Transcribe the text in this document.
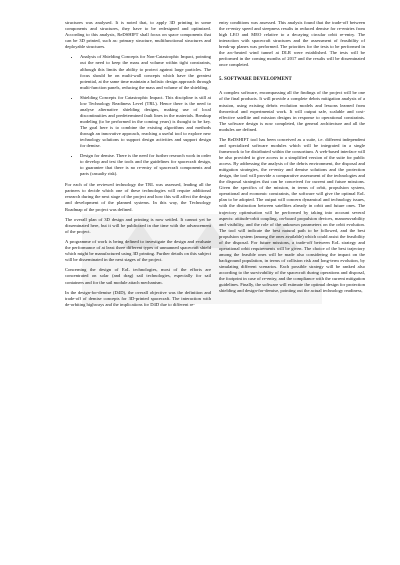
structures was analysed. It is noted that, to apply 3D printing in some components and structures, they have to be redesigned and optimized. According to this analysis, ReDSHIFT shall focus on space components that can be 3D printed, such as: primary structure, multifunctional structures and deployable structures.

• Analysis of Shielding Concepts for Non-Catastrophic Impact, pointing out the need to keep the mass and volume within tight constraints, although this limits the ability to protect against large particles. The focus should be on multi-wall concepts which have the greatest potential, at the same time maintain a holistic design approach through multi-function panels, reducing the mass and volume of the shielding.
• Shielding Concepts for Catastrophic Impact. This discipline is still at low Technology Readiness Level (TRL). Hence there is the need to analyse alternative shielding designs, making use of local discontinuities and predetermined fault lines in the materials. Breakup modeling (to be performed in the coming years) is thought to be key. The goal here is to combine the existing algorithms and methods through an innovative approach, reaching a useful tool to explore new technology solutions to support design activities and support design for demise.
• Design for demise. There is the need for further research work in order to develop and test the tools and the guidelines for spacecraft design, to guarantee that there is no re-entry of spacecraft components and parts (casualty risk).

For each of the reviewed technology the TRL was assessed, leading all the partners to decide which one of these technologies will require additional research during the next stage of the project and how this will affect the design and development of the planned systems. In this way, the Technology Roadmap of the project was defined.

The overall plan of 3D design and printing is now settled. It cannot yet be disseminated here, but it will be publicized in due time with the advancement of the project.

A programme of work is being defined to investigate the design and evaluate the performance of at least three different types of unmanned spacecraft shield which might be manufactured using 3D printing. Further details on this subject will be disseminated in the next stages of the project.

Concerning the design of EoL technologies, most of the efforts are concentrated on solar (and drag) sail technologies, especially for sail containers and for the sail module attach mechanism.

In the design-for-demise (D4D), the overall objective was the definition and trade-off of demise concepts for 3D-printed spacecraft. The interaction with de-orbiting highways and the implications for D4D due to different re-

entry conditions was assessed. This analysis found that the trade-off between the re-entry speed and steepness results in reduced demise for re-entries from high LEO and MEO relative to a decaying circular orbit re-entry. The interaction with spacecraft structures and the assessment of feasibility of break-up planes was performed. The priorities for the tests to be performed in the arc-heated wind tunnel at DLR were established. The tests will be performed in the coming months of 2017 and the results will be disseminated once completed.

5. SOFTWARE DEVELOPMENT

A complex software, encompassing all the findings of the project will be one of the final products. It will provide a complete debris mitigation analysis of a mission, using existing debris evolution models and lessons learned from theoretical and experimental work. It will output safe, scalable and cost-effective satellite and mission designs in response to operational constraints. The software design is now completed, the general architecture and all the modules are defined.

The ReDSHIFT tool has been conceived as a suite, i.e. different independent and specialized software modules which will be integrated in a single framework to be distributed within the consortium. A web-based interface will be also provided to give access to a simplified version of the suite for public access. By addressing the analysis of the debris environment, the disposal and mitigation strategies, the re-entry and demise solutions and the protection design, the tool will provide a comparative assessment of the technologies and the disposal strategies that can be conceived for current and future missions. Given the specifics of the mission, in terms of orbit, propulsion system, operational and economic constraints, the software will give the optimal EoL plan to be adopted. The output will concern dynamical and technology issues, with the distinction between satellites already in orbit and future ones. The trajectory optimisation will be performed by taking into account several aspects: attitude-orbit coupling, on-board propulsion devices, manoeuvrability and visibility, and the role of the unknown parameters on the orbit evolution. The tool will indicate the best natural path to be followed, and the best propulsion system (among the ones available) which could assist the feasibility of the disposal. For future missions, a trade-off between EoL strategy and operational orbit requirements will be given. The choice of the best trajectory among the feasible ones will be made also considering the impact on the background population, in terms of collision risk and long-term evolution, by simulating different scenarios. Each possible strategy will be ranked also according to the survivability of the spacecraft during operations and disposal, the footprint in case of re-entry, and the compliance with the current mitigation guidelines. Finally, the software will estimate the optimal design for protection shielding and design-for-demise, pointing out the actual technology readiness,
